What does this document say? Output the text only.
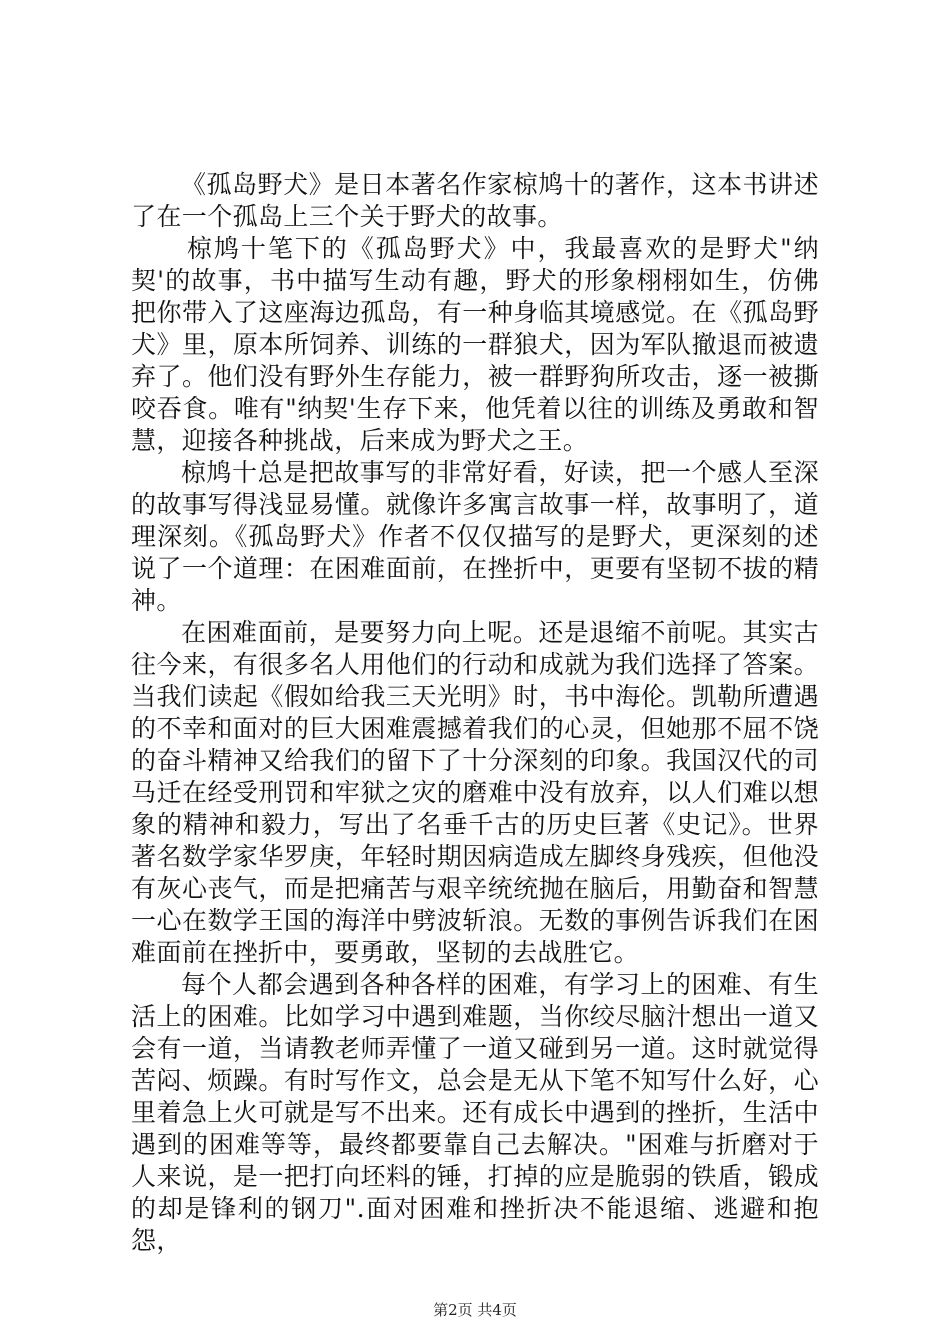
《孤岛野犬》是日本著名作家椋鸠十的著作，这本书讲述了在一个孤岛上三个关于野犬的故事。

椋鸠十笔下的《孤岛野犬》中，我最喜欢的是野犬"纳契'的故事，书中描写生动有趣，野犬的形象栩栩如生，仿佛把你带入了这座海边孤岛，有一种身临其境感觉。在《孤岛野犬》里，原本所饲养、训练的一群狼犬，因为军队撤退而被遗弃了。他们没有野外生存能力，被一群野狗所攻击，逐一被撕咬吞食。唯有"纳契'生存下来，他凭着以往的训练及勇敢和智慧，迎接各种挑战，后来成为野犬之王。

椋鸠十总是把故事写的非常好看，好读，把一个感人至深的故事写得浅显易懂。就像许多寓言故事一样，故事明了，道理深刻。《孤岛野犬》作者不仅仅描写的是野犬，更深刻的述说了一个道理：在困难面前，在挫折中，更要有坚韧不拔的精神。

在困难面前，是要努力向上呢。还是退缩不前呢。其实古往今来，有很多名人用他们的行动和成就为我们选择了答案。当我们读起《假如给我三天光明》时，书中海伦。凯勒所遭遇的不幸和面对的巨大困难震撼着我们的心灵，但她那不屈不饶的奋斗精神又给我们的留下了十分深刻的印象。我国汉代的司马迁在经受刑罚和牢狱之灾的磨难中没有放弃，以人们难以想象的精神和毅力，写出了名垂千古的历史巨著《史记》。世界著名数学家华罗庚，年轻时期因病造成左脚终身残疾，但他没有灰心丧气，而是把痛苦与艰辛统统抛在脑后，用勤奋和智慧一心在数学王国的海洋中劈波斩浪。无数的事例告诉我们在困难面前在挫折中，要勇敢，坚韧的去战胜它。

每个人都会遇到各种各样的困难，有学习上的困难、有生活上的困难。比如学习中遇到难题，当你绞尽脑汁想出一道又会有一道，当请教老师弄懂了一道又碰到另一道。这时就觉得苦闷、烦躁。有时写作文，总会是无从下笔不知写什么好，心里着急上火可就是写不出来。还有成长中遇到的挫折，生活中遇到的困难等等，最终都要靠自己去解决。"困难与折磨对于人来说，是一把打向坯料的锤，打掉的应是脆弱的铁盾，锻成的却是锋利的钢刀".面对困难和挫折决不能退缩、逃避和抱怨，

第2页 共4页
